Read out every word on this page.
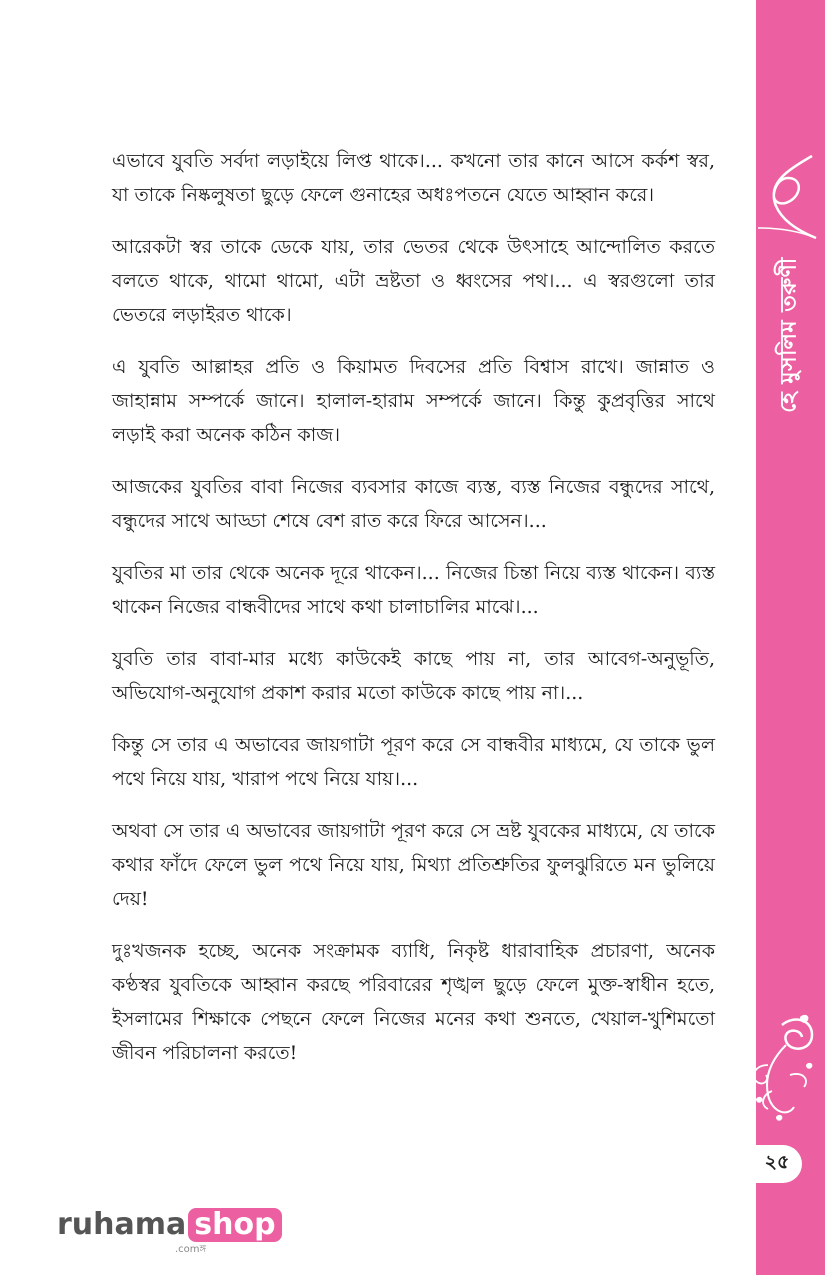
হে মুসলিম তরুণী
২৫

এভাবে যুবতি সর্বদা লড়াইয়ে লিপ্ত থাকে।... কখনো তার কানে আসে কর্কশ স্বর, যা তাকে নিষ্কলুষতা ছুড়ে ফেলে গুনাহের অধঃপতনে যেতে আহ্বান করে।

আরেকটা স্বর তাকে ডেকে যায়, তার ভেতর থেকে উৎসাহে আন্দোলিত করতে বলতে থাকে, থামো থামো, এটা ভ্রষ্টতা ও ধ্বংসের পথ।... এ স্বরগুলো তার ভেতরে লড়াইরত থাকে।

এ যুবতি আল্লাহর প্রতি ও কিয়ামত দিবসের প্রতি বিশ্বাস রাখে। জান্নাত ও জাহান্নাম সম্পর্কে জানে। হালাল-হারাম সম্পর্কে জানে। কিন্তু কুপ্রবৃত্তির সাথে লড়াই করা অনেক কঠিন কাজ।

আজকের যুবতির বাবা নিজের ব্যবসার কাজে ব্যস্ত, ব্যস্ত নিজের বন্ধুদের সাথে, বন্ধুদের সাথে আড্ডা শেষে বেশ রাত করে ফিরে আসেন।...

যুবতির মা তার থেকে অনেক দূরে থাকেন।... নিজের চিন্তা নিয়ে ব্যস্ত থাকেন। ব্যস্ত থাকেন নিজের বান্ধবীদের সাথে কথা চালাচালির মাঝে।...

যুবতি তার বাবা-মার মধ্যে কাউকেই কাছে পায় না, তার আবেগ-অনুভূতি, অভিযোগ-অনুযোগ প্রকাশ করার মতো কাউকে কাছে পায় না।...

কিন্তু সে তার এ অভাবের জায়গাটা পূরণ করে সে বান্ধবীর মাধ্যমে, যে তাকে ভুল পথে নিয়ে যায়, খারাপ পথে নিয়ে যায়।...

অথবা সে তার এ অভাবের জায়গাটা পূরণ করে সে ভ্রষ্ট যুবকের মাধ্যমে, যে তাকে কথার ফাঁদে ফেলে ভুল পথে নিয়ে যায়, মিথ্যা প্রতিশ্রুতির ফুলঝুরিতে মন ভুলিয়ে দেয়!

দুঃখজনক হচ্ছে, অনেক সংক্রামক ব্যাধি, নিকৃষ্ট ধারাবাহিক প্রচারণা, অনেক কণ্ঠস্বর যুবতিকে আহ্বান করছে পরিবারের শৃঙ্খল ছুড়ে ফেলে মুক্ত-স্বাধীন হতে, ইসলামের শিক্ষাকে পেছনে ফেলে নিজের মনের কথা শুনতে, খেয়াল-খুশিমতো জীবন পরিচালনা করতে!

ruhama shop
.comঙ্গ
